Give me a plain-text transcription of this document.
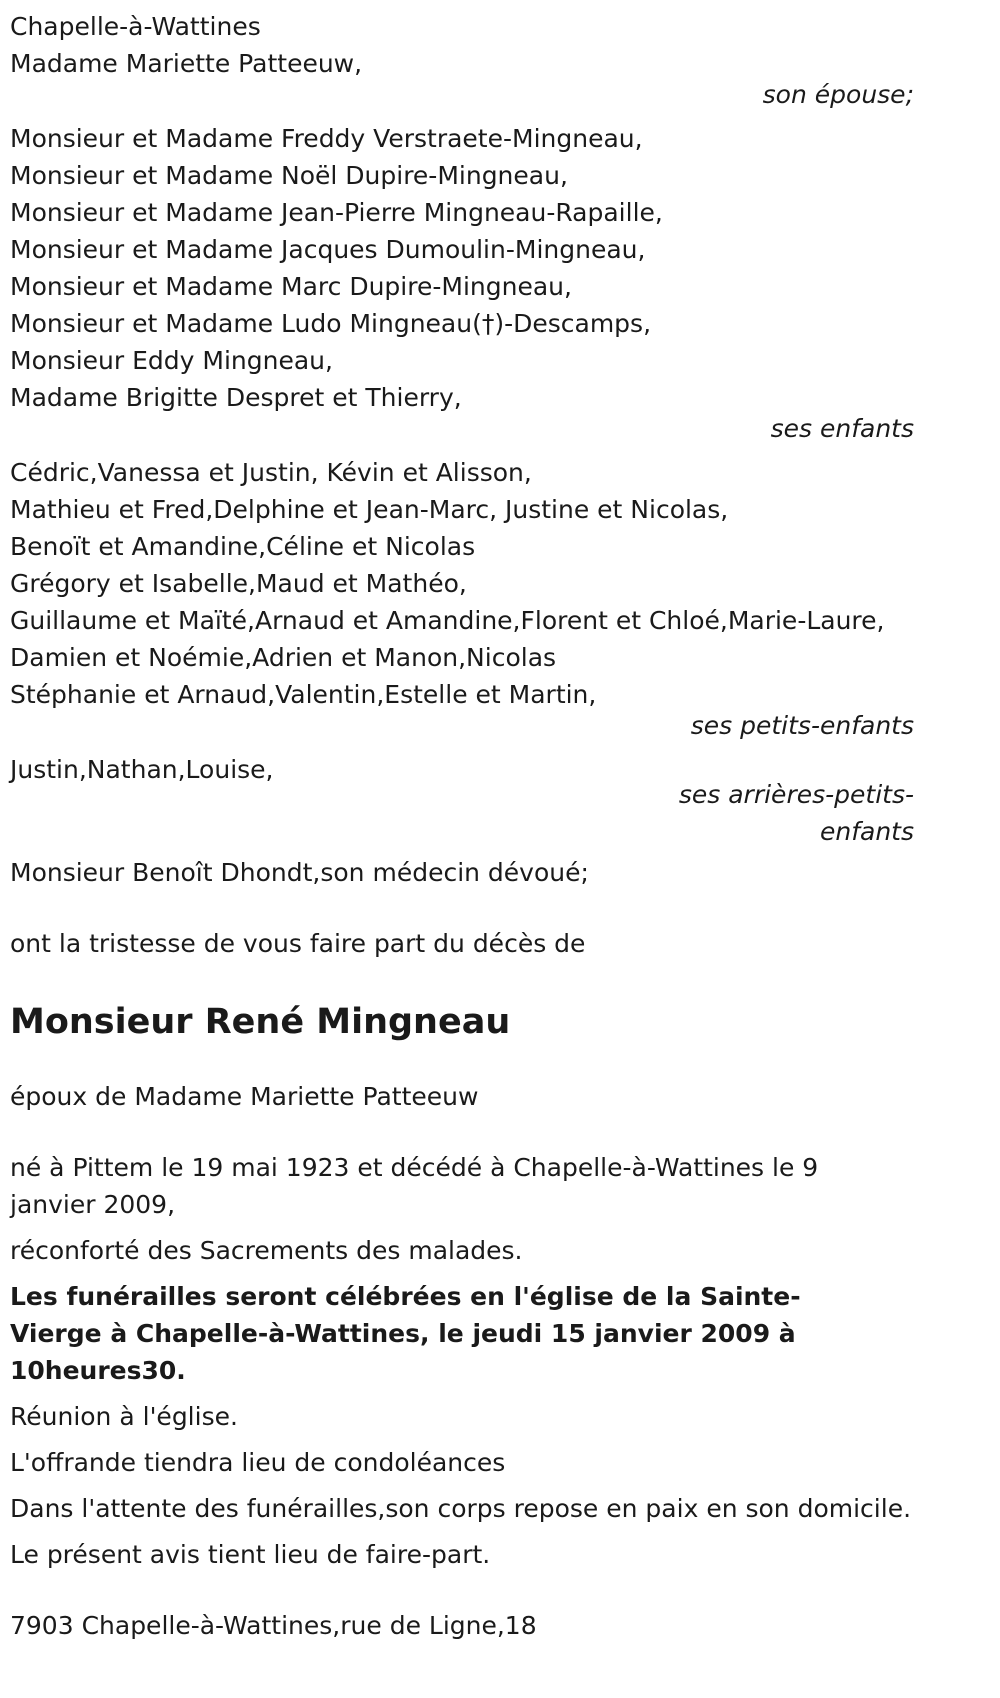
Chapelle-à-Wattines
Madame Mariette Patteeuw,
son épouse;
Monsieur et Madame Freddy Verstraete-Mingneau,
Monsieur et Madame Noël Dupire-Mingneau,
Monsieur et Madame Jean-Pierre Mingneau-Rapaille,
Monsieur et Madame Jacques Dumoulin-Mingneau,
Monsieur et Madame Marc Dupire-Mingneau,
Monsieur et Madame Ludo Mingneau(†)-Descamps,
Monsieur Eddy Mingneau,
Madame Brigitte Despret et Thierry,
ses enfants
Cédric,Vanessa et Justin, Kévin et Alisson,
Mathieu et Fred,Delphine et Jean-Marc, Justine et Nicolas,
Benoït et Amandine,Céline et Nicolas
Grégory et Isabelle,Maud et Mathéo,
Guillaume et Maïté,Arnaud et Amandine,Florent et Chloé,Marie-Laure,
Damien et Noémie,Adrien et Manon,Nicolas
Stéphanie et Arnaud,Valentin,Estelle et Martin,
ses petits-enfants
Justin,Nathan,Louise,
ses arrières-petits-
enfants
Monsieur Benoît Dhondt,son médecin dévoué;
ont la tristesse de vous faire part du décès de
Monsieur René Mingneau
époux de Madame Mariette Patteeuw
né à Pittem le 19 mai 1923 et décédé à Chapelle-à-Wattines le 9 janvier 2009,
réconforté des Sacrements des malades.
Les funérailles seront célébrées en l'église de la Sainte-Vierge à Chapelle-à-Wattines, le jeudi 15 janvier 2009 à 10heures30.
Réunion à l'église.
L'offrande tiendra lieu de condoléances
Dans l'attente des funérailles,son corps repose en paix en son domicile.
Le présent avis tient lieu de faire-part.
7903 Chapelle-à-Wattines,rue de Ligne,18
